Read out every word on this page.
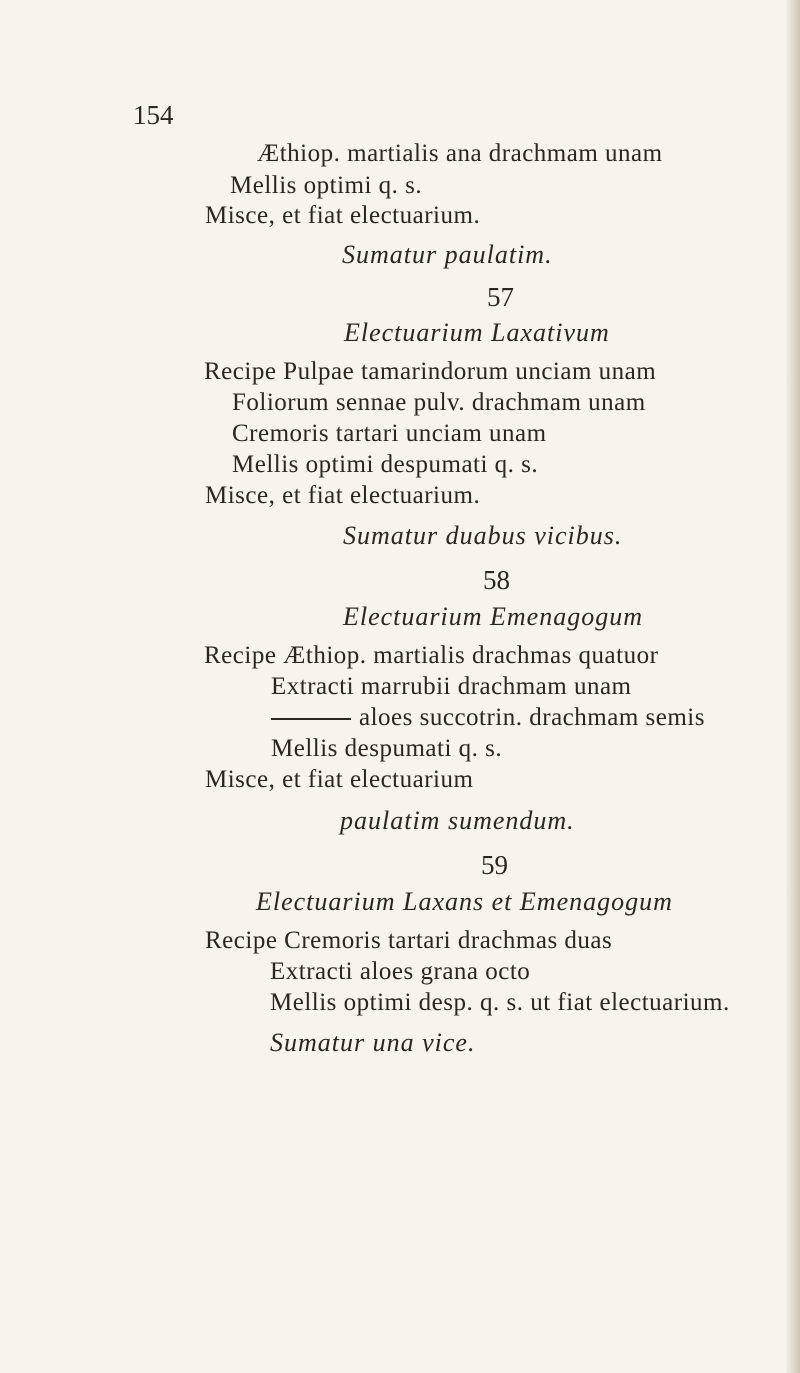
154
Æthiop. martialis ana drachmam unam
Mellis optimi q. s.
Misce, et fiat electuarium.
Sumatur paulatim.
57
Electuarium Laxativum
Recipe Pulpae tamarindorum unciam unam
Foliorum sennae pulv. drachmam unam
Cremoris tartari unciam unam
Mellis optimi despumati q. s.
Misce, et fiat electuarium.
Sumatur duabus vicibus.
58
Electuarium Emenagogum
Recipe Æthiop. martialis drachmas quatuor
Extracti marrubii drachmam unam
aloes succotrin. drachmam semis
Mellis despumati q. s.
Misce, et fiat electuarium
paulatim sumendum.
59
Electuarium Laxans et Emenagogum
Recipe Cremoris tartari drachmas duas
Extracti aloes grana octo
Mellis optimi desp. q. s. ut fiat electuarium.
Sumatur una vice.
